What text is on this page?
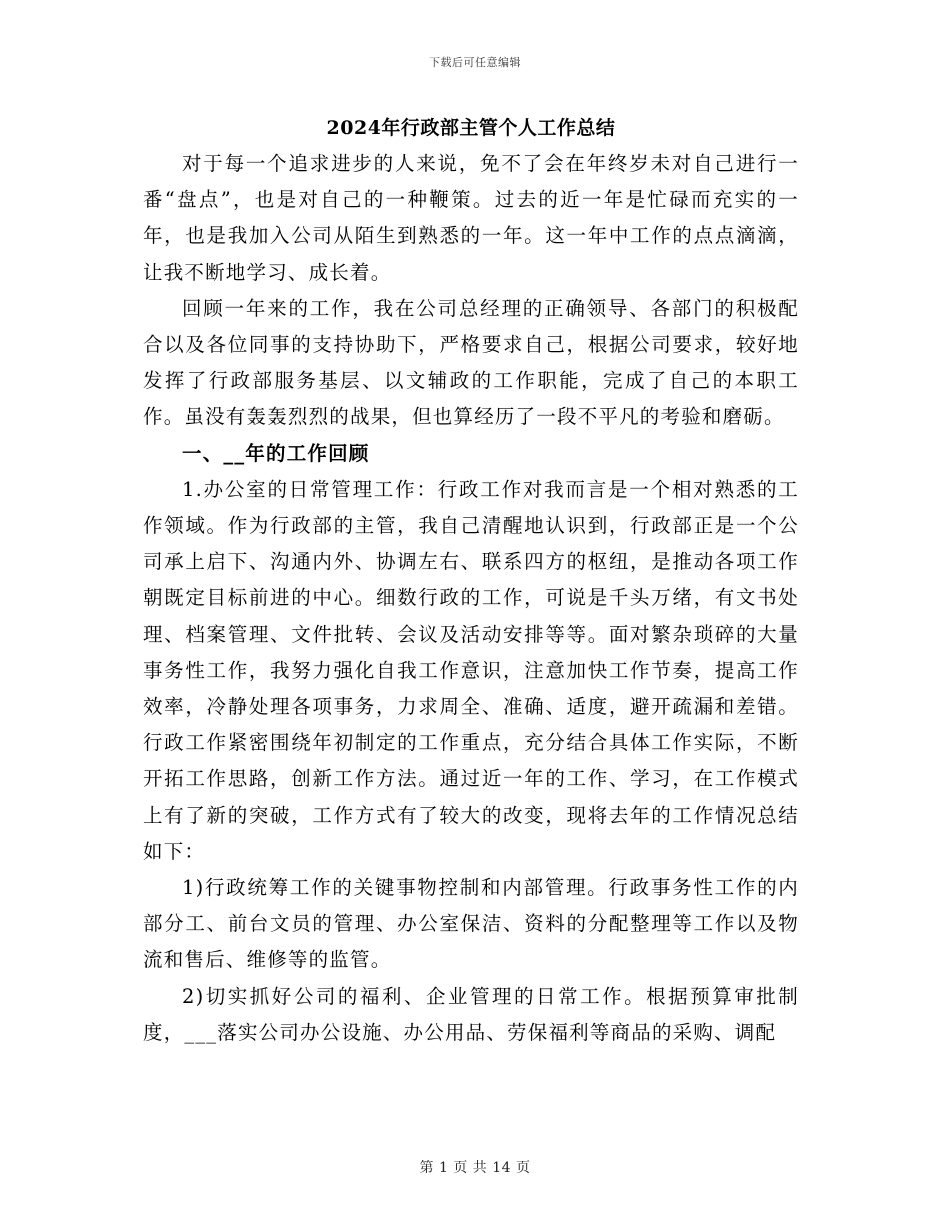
下载后可任意编辑
2024年行政部主管个人工作总结

对于每一个追求进步的人来说，免不了会在年终岁未对自己进行一番“盘点”，也是对自己的一种鞭策。过去的近一年是忙碌而充实的一年，也是我加入公司从陌生到熟悉的一年。这一年中工作的点点滴滴，让我不断地学习、成长着。

回顾一年来的工作，我在公司总经理的正确领导、各部门的积极配合以及各位同事的支持协助下，严格要求自己，根据公司要求，较好地发挥了行政部服务基层、以文辅政的工作职能，完成了自己的本职工作。虽没有轰轰烈烈的战果，但也算经历了一段不平凡的考验和磨砺。

一、__年的工作回顾

1.办公室的日常管理工作：行政工作对我而言是一个相对熟悉的工作领域。作为行政部的主管，我自己清醒地认识到，行政部正是一个公司承上启下、沟通内外、协调左右、联系四方的枢纽，是推动各项工作朝既定目标前进的中心。细数行政的工作，可说是千头万绪，有文书处理、档案管理、文件批转、会议及活动安排等等。面对繁杂琐碎的大量事务性工作，我努力强化自我工作意识，注意加快工作节奏，提高工作效率，冷静处理各项事务，力求周全、准确、适度，避开疏漏和差错。行政工作紧密围绕年初制定的工作重点，充分结合具体工作实际，不断开拓工作思路，创新工作方法。通过近一年的工作、学习，在工作模式上有了新的突破，工作方式有了较大的改变，现将去年的工作情况总结如下：

1)行政统筹工作的关键事物控制和内部管理。行政事务性工作的内部分工、前台文员的管理、办公室保洁、资料的分配整理等工作以及物流和售后、维修等的监管。

2)切实抓好公司的福利、企业管理的日常工作。根据预算审批制度，___落实公司办公设施、办公用品、劳保福利等商品的采购、调配

第 1 页 共 14 页
